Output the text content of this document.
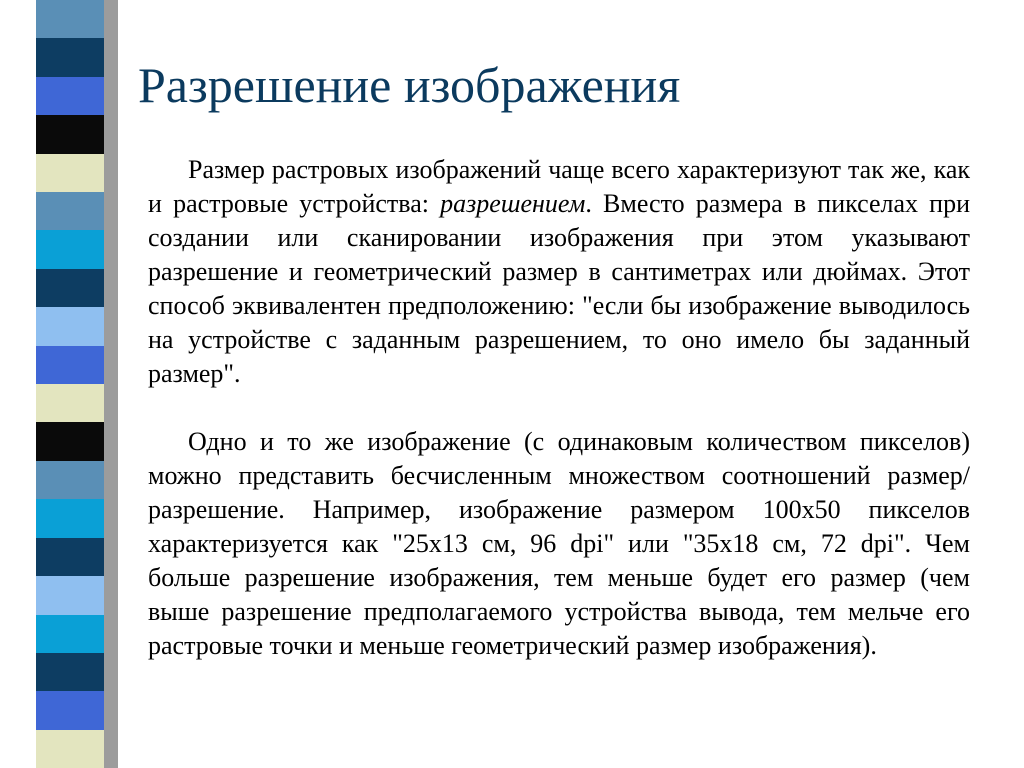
Разрешение изображения

Размер растровых изображений чаще всего характеризуют так же, как и растровые устройства: разрешением. Вместо размера в пикселах при создании или сканировании изображения при этом указывают разрешение и геометрический размер в сантиметрах или дюймах. Этот способ эквивалентен предположению: "если бы изображение выводилось на устройстве с заданным разрешением, то оно имело бы заданный размер".

Одно и то же изображение (с одинаковым количеством пикселов) можно представить бесчисленным множеством соотношений размер/разрешение. Например, изображение размером 100х50 пикселов характеризуется как "25х13 см, 96 dpi" или "35х18 см, 72 dpi". Чем больше разрешение изображения, тем меньше будет его размер (чем выше разрешение предполагаемого устройства вывода, тем мельче его растровые точки и меньше геометрический размер изображения).
